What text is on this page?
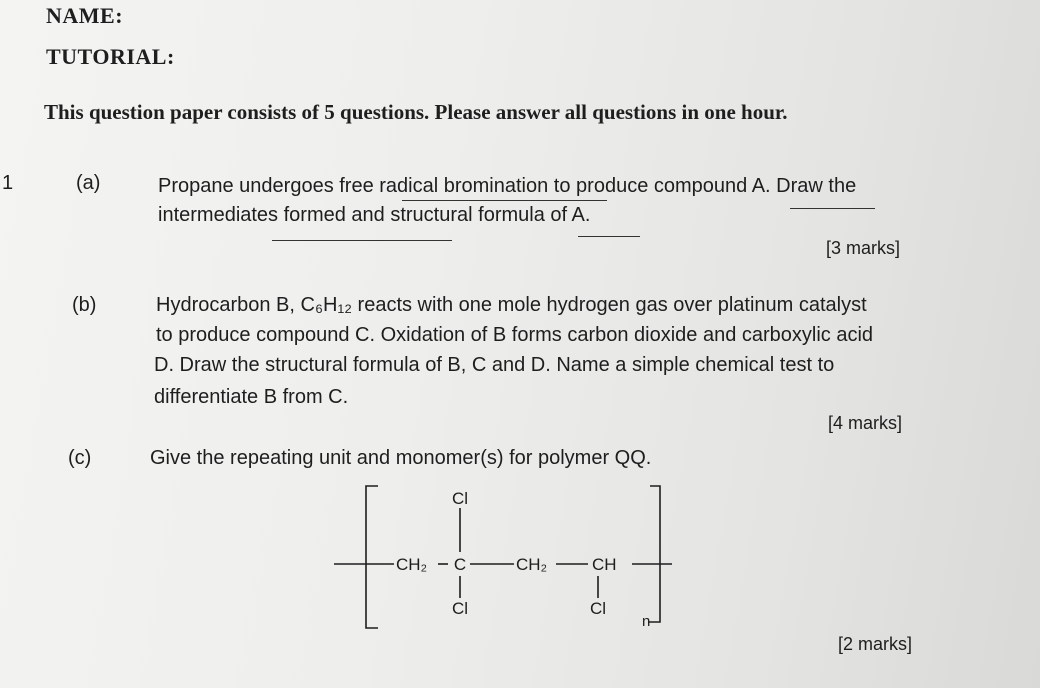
NAME:
TUTORIAL:
This question paper consists of 5 questions. Please answer all questions in one hour.
1	(a)	Propane undergoes free radical bromination to produce compound A. Draw the
intermediates formed and structural formula of A.
[3 marks]
(b)	Hydrocarbon B, C₆H₁₂ reacts with one mole hydrogen gas over platinum catalyst
to produce compound C. Oxidation of B forms carbon dioxide and carboxylic acid
D. Draw the structural formula of B, C and D. Name a simple chemical test to
differentiate B from C.
[4 marks]
(c)	Give the repeating unit and monomer(s) for polymer QQ.
Cl
CH₂ C	CH₂	CH
Cl	Cl
n
[2 marks]
